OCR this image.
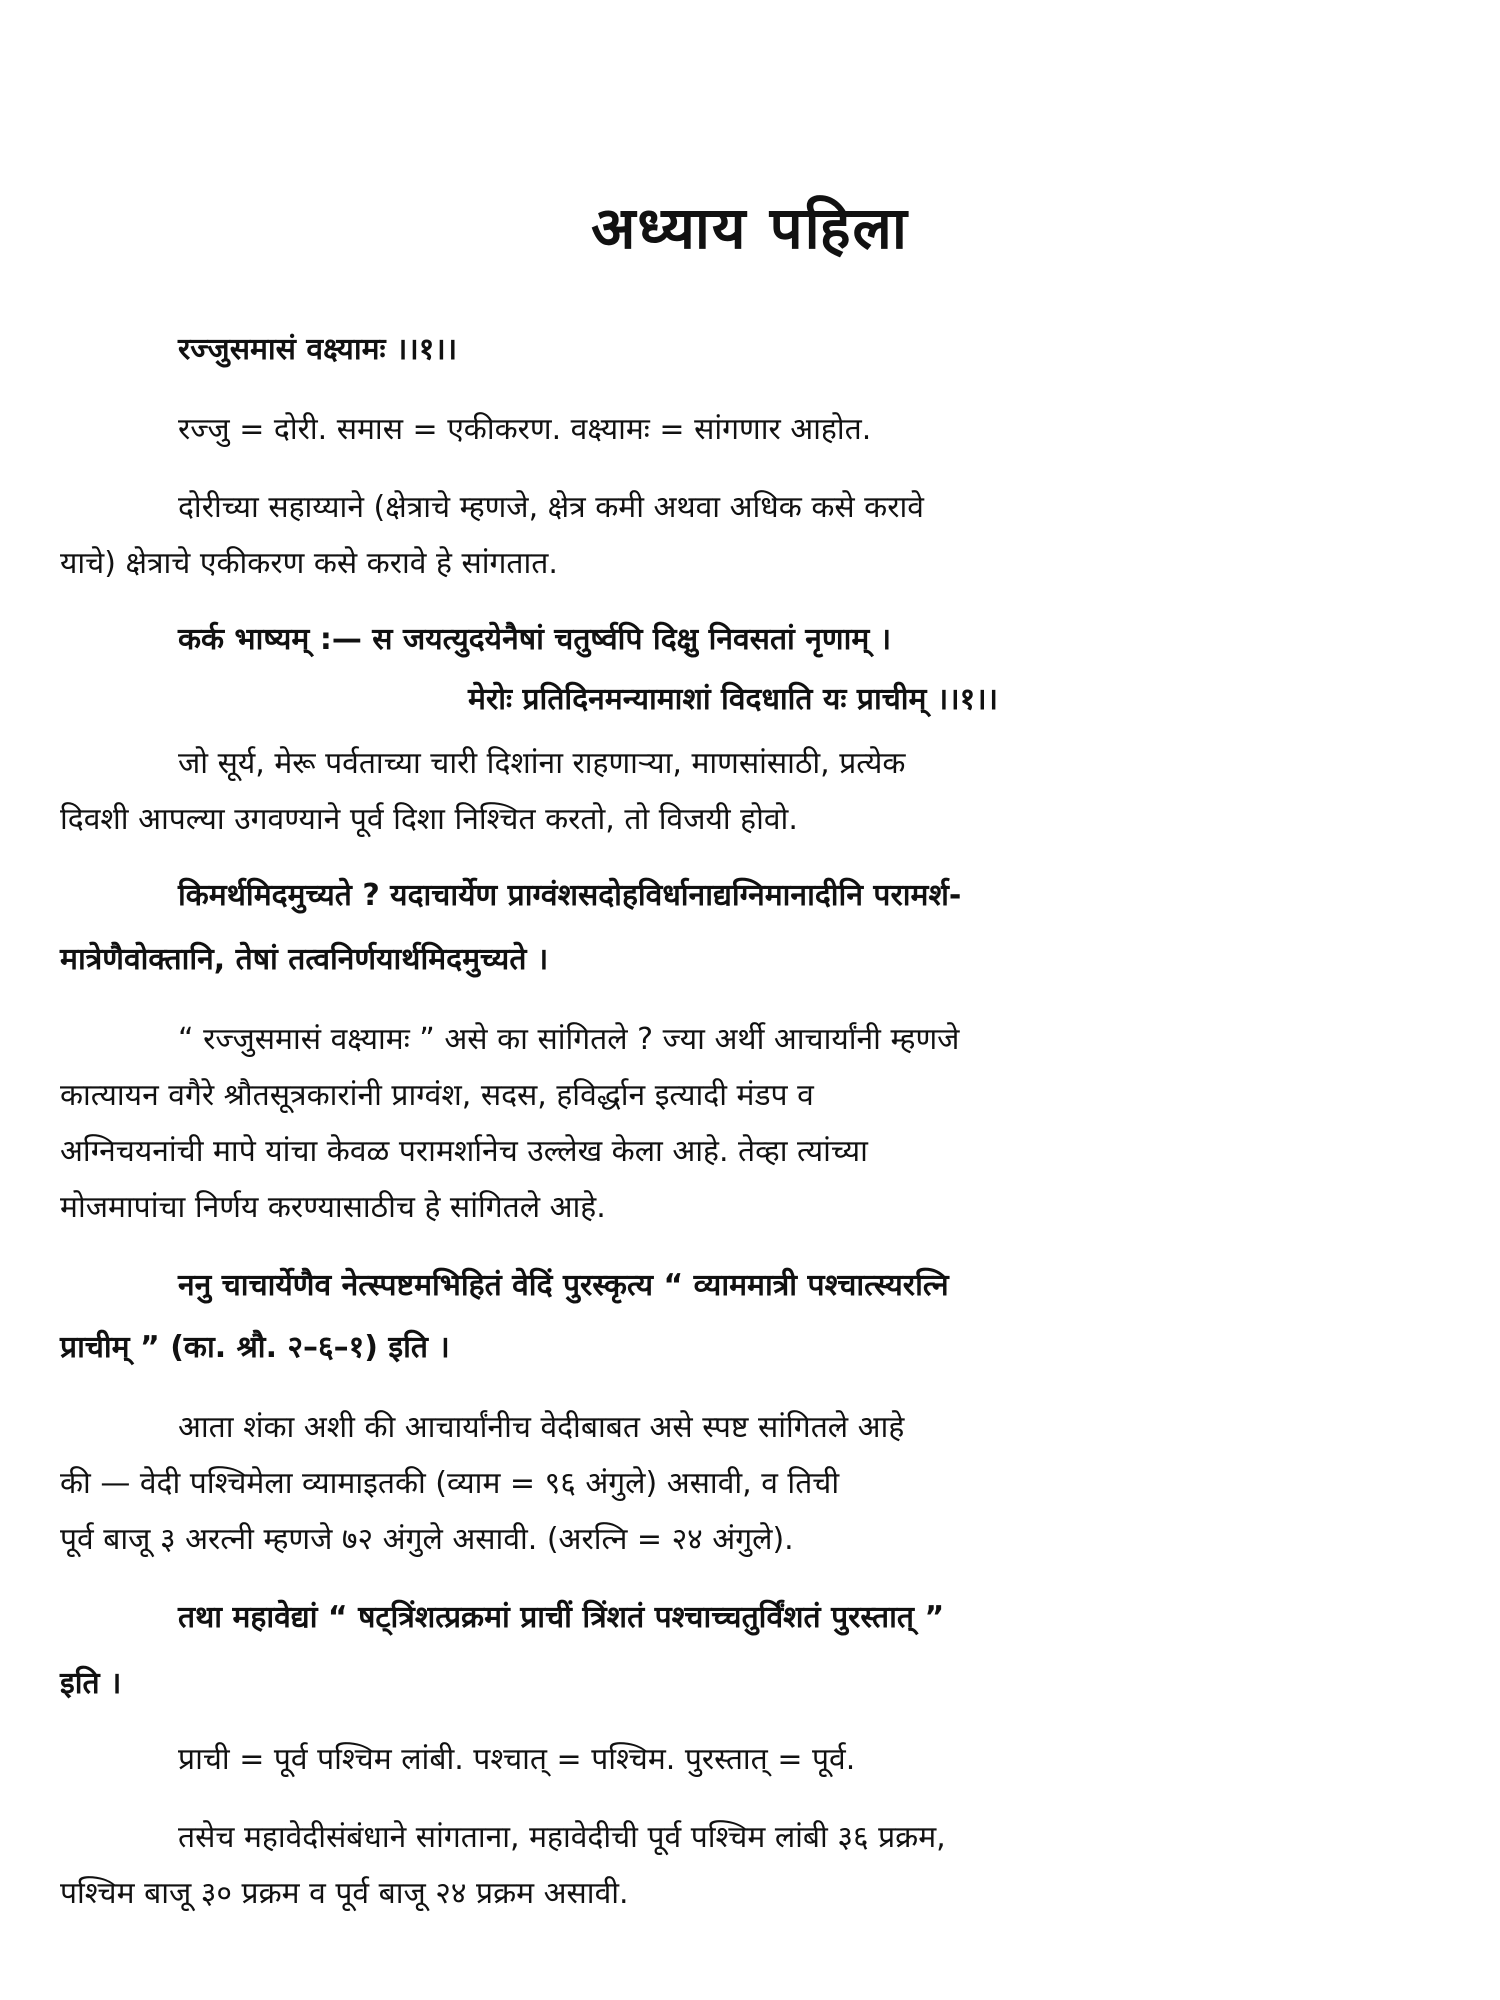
अध्याय पहिला
रज्जुसमासं वक्ष्यामः ।।१।।
रज्जु = दोरी. समास = एकीकरण. वक्ष्यामः = सांगणार आहोत.
दोरीच्या सहाय्याने (क्षेत्राचे म्हणजे, क्षेत्र कमी अथवा अधिक कसे करावे
याचे) क्षेत्राचे एकीकरण कसे करावे हे सांगतात.
कर्क भाष्यम् :— स जयत्युदयेनैषां चतुर्ष्वपि दिक्षु निवसतां नृणाम् ।
मेरोः प्रतिदिनमन्यामाशां विदधाति यः प्राचीम् ।।१।।
जो सूर्य, मेरू पर्वताच्या चारी दिशांना राहणाऱ्या, माणसांसाठी, प्रत्येक
दिवशी आपल्या उगवण्याने पूर्व दिशा निश्चित करतो, तो विजयी होवो.
किमर्थमिदमुच्यते ? यदाचार्येण प्राग्वंशसदोहविर्धानाद्यग्निमानादीनि परामर्श-
मात्रेणैवोक्तानि, तेषां तत्वनिर्णयार्थमिदमुच्यते ।
“ रज्जुसमासं वक्ष्यामः ” असे का सांगितले ? ज्या अर्थी आचार्यांनी म्हणजे
कात्यायन वगैरे श्रौतसूत्रकारांनी प्राग्वंश, सदस, हविर्द्धान इत्यादी मंडप व
अग्निचयनांची मापे यांचा केवळ परामर्शानेच उल्लेख केला आहे. तेव्हा त्यांच्या
मोजमापांचा निर्णय करण्यासाठीच हे सांगितले आहे.
ननु चाचार्येणैव नेत्स्पष्टमभिहितं वेदिं पुरस्कृत्य “ व्याममात्री पश्चात्स्यरत्नि
प्राचीम् ” (का. श्रौ. २–६–१) इति ।
आता शंका अशी की आचार्यांनीच वेदीबाबत असे स्पष्ट सांगितले आहे
की — वेदी पश्चिमेला व्यामाइतकी (व्याम = ९६ अंगुले) असावी, व तिची
पूर्व बाजू ३ अरत्नी म्हणजे ७२ अंगुले असावी. (अरत्नि = २४ अंगुले).
तथा महावेद्यां “ षट्त्रिंशत्प्रक्रमां प्राचीं त्रिंशतं पश्चाच्चतुर्विंशतं पुरस्तात् ”
इति ।
प्राची = पूर्व पश्चिम लांबी. पश्चात् = पश्चिम. पुरस्तात् = पूर्व.
तसेच महावेदीसंबंधाने सांगताना, महावेदीची पूर्व पश्चिम लांबी ३६ प्रक्रम,
पश्चिम बाजू ३० प्रक्रम व पूर्व बाजू २४ प्रक्रम असावी.
